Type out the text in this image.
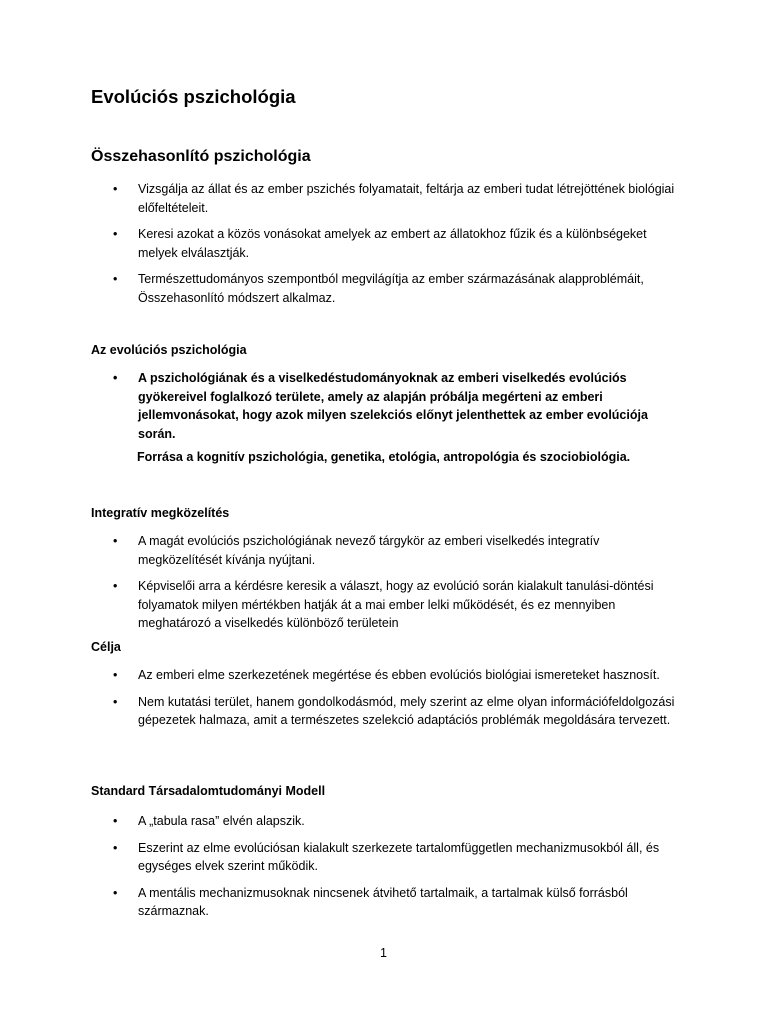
Evolúciós pszichológia
Összehasonlító pszichológia
• Vizsgálja az állat és az ember pszichés folyamatait, feltárja az emberi tudat létrejöttének biológiai előfeltételeit.
• Keresi azokat a közös vonásokat amelyek az embert az állatokhoz fűzik és a különbségeket melyek elválasztják.
• Természettudományos szempontból megvilágítja az ember származásának alapproblémáit, Összehasonlító módszert alkalmaz.
Az evolúciós pszichológia
• A pszichológiának és a viselkedéstudományoknak az emberi viselkedés evolúciós gyökereivel foglalkozó területe, amely az alapján próbálja megérteni az emberi jellemvonásokat, hogy azok milyen szelekciós előnyt jelenthettek az ember evolúciója során.
Forrása a kognitív pszichológia, genetika, etológia, antropológia és szociobiológia.
Integratív megközelítés
• A magát evolúciós pszichológiának nevező tárgykör az emberi viselkedés integratív megközelítését kívánja nyújtani.
• Képviselői arra a kérdésre keresik a választ, hogy az evolúció során kialakult tanulási-döntési folyamatok milyen mértékben hatják át a mai ember lelki működését, és ez mennyiben meghatározó a viselkedés különböző területein
Célja
• Az emberi elme szerkezetének megértése és ebben evolúciós biológiai ismereteket hasznosít.
• Nem kutatási terület, hanem gondolkodásmód, mely szerint az elme olyan információfeldolgozási gépezetek halmaza, amit a természetes szelekció adaptációs problémák megoldására tervezett.
Standard Társadalomtudományi Modell
• A „tabula rasa” elvén alapszik.
• Eszerint az elme evolúciósan kialakult szerkezete tartalomfüggetlen mechanizmusokból áll, és egységes elvek szerint működik.
• A mentális mechanizmusoknak nincsenek átvihető tartalmaik, a tartalmak külső forrásból származnak.
1
